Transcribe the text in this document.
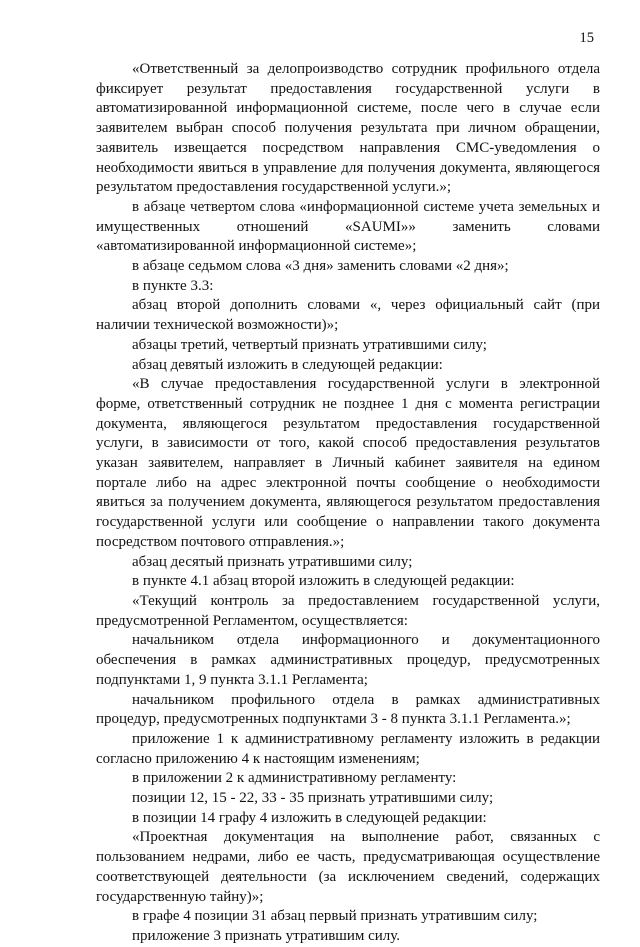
15

«Ответственный за делопроизводство сотрудник профильного отдела фиксирует результат предоставления государственной услуги в автоматизированной информационной системе, после чего в случае если заявителем выбран способ получения результата при личном обращении, заявитель извещается посредством направления СМС-уведомления о необходимости явиться в управление для получения документа, являющегося результатом предоставления государственной услуги.»;

в абзаце четвертом слова «информационной системе учета земельных и имущественных отношений «SAUMI»» заменить словами «автоматизированной информационной системе»;

в абзаце седьмом слова «3 дня» заменить словами «2 дня»;

в пункте 3.3:

абзац второй дополнить словами «, через официальный сайт (при наличии технической возможности)»;

абзацы третий, четвертый признать утратившими силу;

абзац девятый изложить в следующей редакции:

«В случае предоставления государственной услуги в электронной форме, ответственный сотрудник не позднее 1 дня с момента регистрации документа, являющегося результатом предоставления государственной услуги, в зависимости от того, какой способ предоставления результатов указан заявителем, направляет в Личный кабинет заявителя на едином портале либо на адрес электронной почты сообщение о необходимости явиться за получением документа, являющегося результатом предоставления государственной услуги или сообщение о направлении такого документа посредством почтового отправления.»;

абзац десятый признать утратившими силу;

в пункте 4.1 абзац второй изложить в следующей редакции:

«Текущий контроль за предоставлением государственной услуги, предусмотренной Регламентом, осуществляется:

начальником отдела информационного и документационного обеспечения в рамках административных процедур, предусмотренных подпунктами 1, 9 пункта 3.1.1 Регламента;

начальником профильного отдела в рамках административных процедур, предусмотренных подпунктами 3 - 8 пункта 3.1.1 Регламента.»;

приложение 1 к административному регламенту изложить в редакции согласно приложению 4 к настоящим изменениям;

в приложении 2 к административному регламенту:

позиции 12, 15 - 22, 33 - 35 признать утратившими силу;

в позиции 14 графу 4 изложить в следующей редакции:

«Проектная документация на выполнение работ, связанных с пользованием недрами, либо ее часть, предусматривающая осуществление соответствующей деятельности (за исключением сведений, содержащих государственную тайну)»;

в графе 4 позиции 31 абзац первый признать утратившим силу;

приложение 3 признать утратившим силу.
